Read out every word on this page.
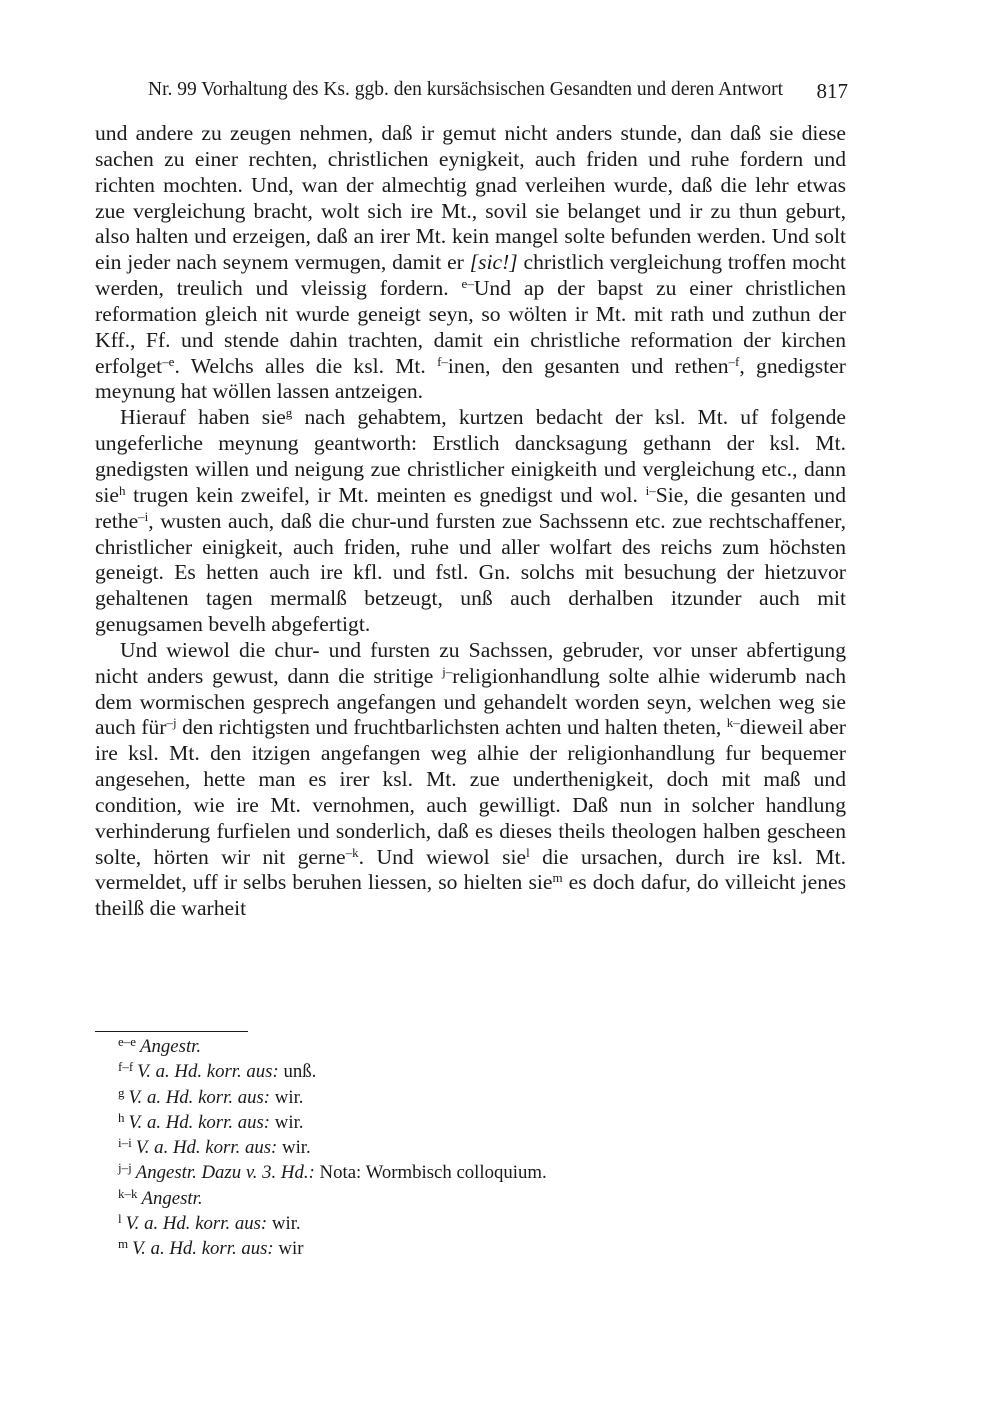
Nr. 99 Vorhaltung des Ks. ggb. den kursächsischen Gesandten und deren Antwort 817

und andere zu zeugen nehmen, daß ir gemut nicht anders stunde, dan daß sie diese sachen zu einer rechten, christlichen eynigkeit, auch friden und ruhe fordern und richten mochten. Und, wan der almechtig gnad verleihen wurde, daß die lehr etwas zue vergleichung bracht, wolt sich ire Mt., sovil sie belanget und ir zu thun geburt, also halten und erzeigen, daß an irer Mt. kein mangel solte befunden werden. Und solt ein jeder nach seynem vermugen, damit er [sic!] christlich vergleichung troffen mocht werden, treulich und vleissig fordern. $^{e-}$Und ap der bapst zu einer christlichen reformation gleich nit wurde geneigt seyn, so wölten ir Mt. mit rath und zuthun der Kff., Ff. und stende dahin trachten, damit ein christliche reformation der kirchen erfolget$^{-e}$. Welchs alles die ksl. Mt. $^{f-}$inen, den gesanten und rethen$^{-f}$, gnedigster meynung hat wöllen lassen antzeigen.

Hierauf haben sie$^g$ nach gehabtem, kurtzen bedacht der ksl. Mt. uf folgende ungeferliche meynung geantworth: Erstlich dancksagung gethann der ksl. Mt. gnedigsten willen und neigung zue christlicher einigkeith und vergleichung etc., dann sie$^h$ trugen kein zweifel, ir Mt. meinten es gnedigst und wol. $^{i-}$Sie, die gesanten und rethe$^{-i}$, wusten auch, daß die chur-und fursten zue Sachssenn etc. zue rechtschaffener, christlicher einigkeit, auch friden, ruhe und aller wolfart des reichs zum höchsten geneigt. Es hetten auch ire kfl. und fstl. Gn. solchs mit besuchung der hietzuvor gehaltenen tagen mermalß betzeugt, unß auch derhalben itzunder auch mit genugsamen bevelh abgefertigt.

Und wiewol die chur- und fursten zu Sachssen, gebruder, vor unser abfertigung nicht anders gewust, dann die stritige $^{j-}$religionhandlung solte alhie widerumb nach dem wormischen gesprech angefangen und gehandelt worden seyn, welchen weg sie auch für$^{-j}$ den richtigsten und fruchtbarlichsten achten und halten theten, $^{k-}$dieweil aber ire ksl. Mt. den itzigen angefangen weg alhie der religionhandlung fur bequemer angesehen, hette man es irer ksl. Mt. zue underthenigkeit, doch mit maß und condition, wie ire Mt. vernohmen, auch gewilligt. Daß nun in solcher handlung verhinderung furfielen und sonderlich, daß es dieses theils theologen halben gescheen solte, hörten wir nit gerne$^{-k}$. Und wiewol sie$^l$ die ursachen, durch ire ksl. Mt. vermeldet, uff ir selbs beruhen liessen, so hielten sie$^m$ es doch dafur, do villeicht jenes theilß die warheit

$^{e-e}$ Angestr.
$^{f-f}$ V. a. Hd. korr. aus: unß.
$^g$ V. a. Hd. korr. aus: wir.
$^h$ V. a. Hd. korr. aus: wir.
$^{i-i}$ V. a. Hd. korr. aus: wir.
$^{j-j}$ Angestr. Dazu v. 3. Hd.: Nota: Wormbisch colloquium.
$^{k-k}$ Angestr.
$^l$ V. a. Hd. korr. aus: wir.
$^m$ V. a. Hd. korr. aus: wir
